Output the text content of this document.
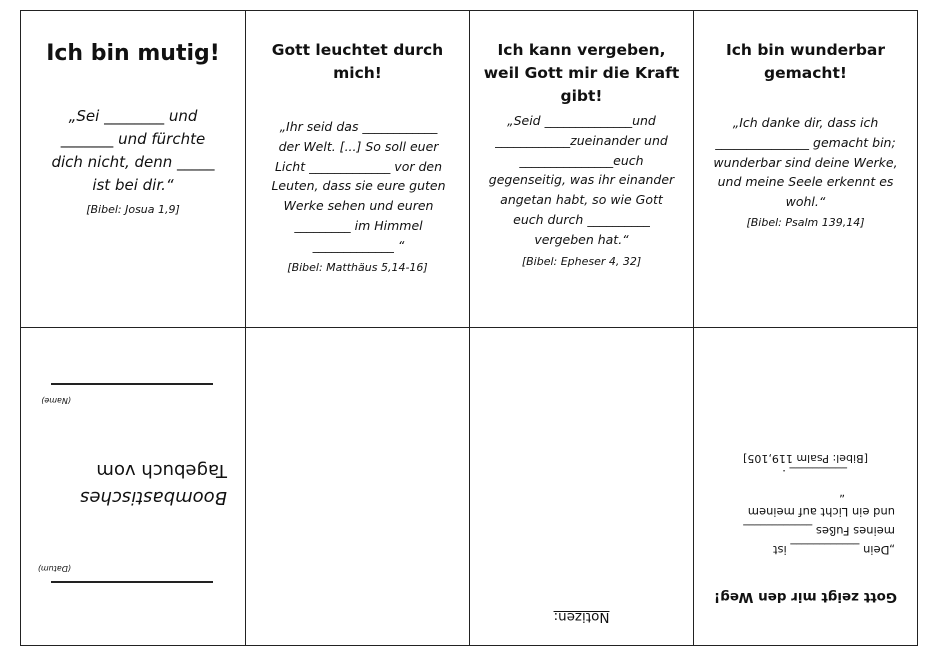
Ich bin mutig!
„Sei ________ und _______ und fürchte dich nicht, denn _____ ist bei dir.“
[Bibel: Josua 1,9]
Gott leuchtet durch mich!
„Ihr seid das ____________ der Welt. [...] So soll euer Licht _____________ vor den Leuten, dass sie eure guten Werke sehen und euren _________ im Himmel _____________ “
[Bibel: Matthäus 5,14-16]
Ich kann vergeben, weil Gott mir die Kraft gibt!
„Seid ______________und ____________zueinander und _______________euch gegenseitig, was ihr einander angetan habt, so wie Gott euch durch __________ vergeben hat.“
[Bibel: Epheser 4, 32]
Ich bin wunderbar gemacht!
„Ich danke dir, dass ich _______________ gemacht bin; wunderbar sind deine Werke, und meine Seele erkennt es wohl.“
[Bibel: Psalm 139,14]
(Name)
Boombastisches
Tagebuch vom
(Datum)
Notizen:
Gott zeigt mir den Weg!
„Dein ____________ ist
meines Fußes ____________
und ein Licht auf meinem
“
__________ .
[Bibel: Psalm 119,105]
